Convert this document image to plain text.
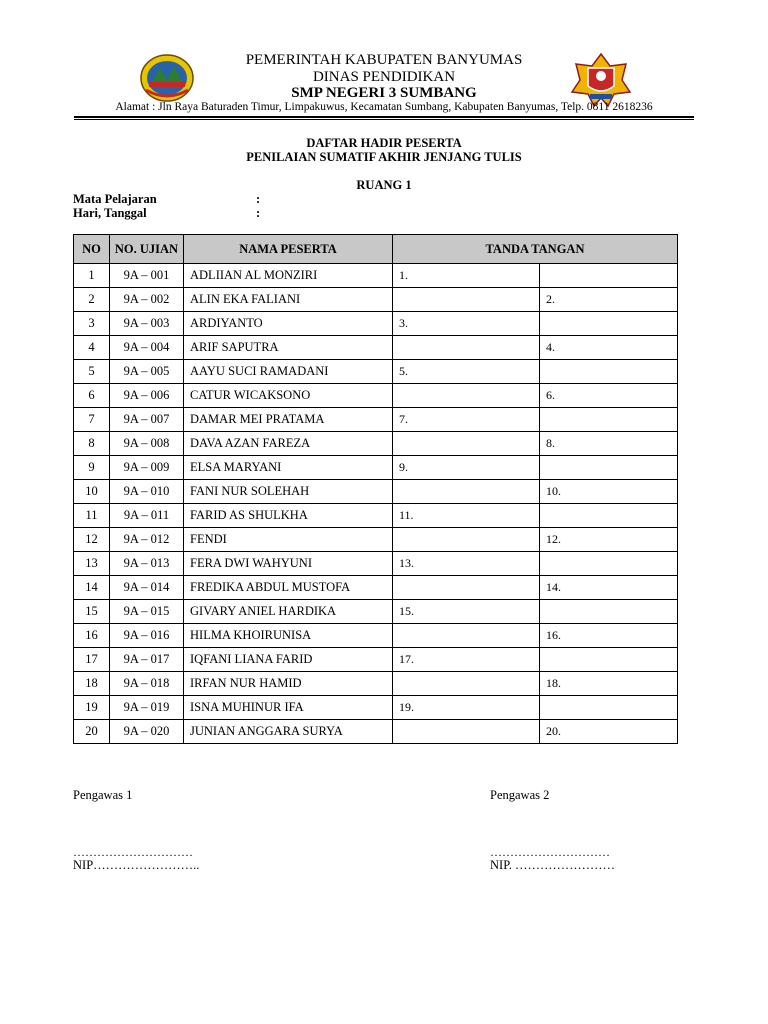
PEMERINTAH KABUPATEN BANYUMAS
DINAS PENDIDIKAN
SMP NEGERI 3 SUMBANG
Alamat : Jln Raya Baturaden Timur, Limpakuwus, Kecamatan Sumbang, Kabupaten Banyumas, Telp. 0811 2618236
DAFTAR HADIR PESERTA
PENILAIAN SUMATIF AKHIR JENJANG TULIS
RUANG 1
Mata Pelajaran	:
Hari, Tanggal	:
NO	NO. UJIAN	NAMA PESERTA	TANDA TANGAN	
1	9A – 001	ADLIIAN AL MONZIRI	1.	
2	9A – 002	ALIN EKA FALIANI		2.
3	9A – 003	ARDIYANTO	3.	
4	9A – 004	ARIF SAPUTRA		4.
5	9A – 005	AAYU SUCI RAMADANI	5.	
6	9A – 006	CATUR WICAKSONO		6.
7	9A – 007	DAMAR MEI PRATAMA	7.	
8	9A – 008	DAVA AZAN FAREZA		8.
9	9A – 009	ELSA MARYANI	9.	
10	9A – 010	FANI NUR SOLEHAH		10.
11	9A – 011	FARID AS SHULKHA	11.	
12	9A – 012	FENDI		12.
13	9A – 013	FERA DWI WAHYUNI	13.	
14	9A – 014	FREDIKA ABDUL MUSTOFA		14.
15	9A – 015	GIVARY ANIEL HARDIKA	15.	
16	9A – 016	HILMA KHOIRUNISA		16.
17	9A – 017	IQFANI LIANA FARID	17.	
18	9A – 018	IRFAN NUR HAMID		18.
19	9A – 019	ISNA MUHINUR IFA	19.	
20	9A – 020	JUNIAN ANGGARA SURYA		20.
Pengawas 1	Pengawas 2
…………………………	…………………………
NIP……………………..	NIP. ……………………
